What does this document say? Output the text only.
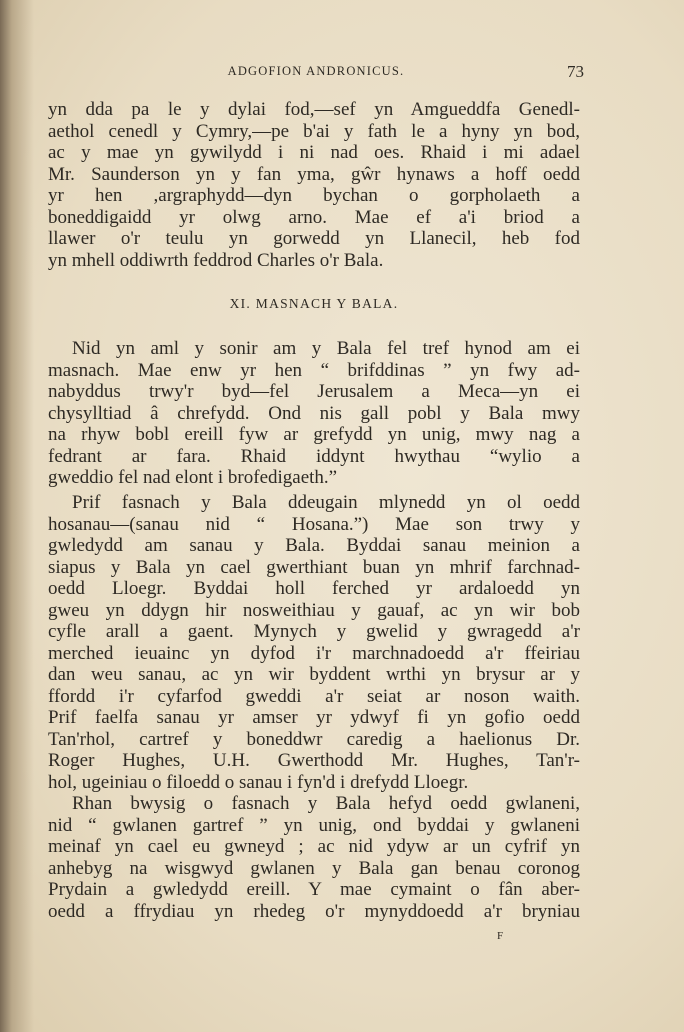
ADGOFION ANDRONICUS.	73
yn dda pa le y dylai fod,—sef yn Amgueddfa Genedl-
aethol cenedl y Cymry,—pe b'ai y fath le a hyny yn bod,
ac y mae yn gywilydd i ni nad oes. Rhaid i mi adael
Mr. Saunderson yn y fan yma, gŵr hynaws a hoff oedd
yr hen ,argraphydd—dyn bychan o gorpholaeth a
boneddigaidd yr olwg arno. Mae ef a'i briod a
llawer o'r teulu yn gorwedd yn Llanecil, heb fod
yn mhell oddiwrth feddrod Charles o'r Bala.
XI. MASNACH Y BALA.
Nid yn aml y sonir am y Bala fel tref hynod am ei
masnach. Mae enw yr hen “ brifddinas ” yn fwy ad-
nabyddus trwy'r byd—fel Jerusalem a Meca—yn ei
chysylltiad â chrefydd. Ond nis gall pobl y Bala mwy
na rhyw bobl ereill fyw ar grefydd yn unig, mwy nag a
fedrant ar fara. Rhaid iddynt hwythau “wylio a
gweddio fel nad elont i brofedigaeth.”
Prif fasnach y Bala ddeugain mlynedd yn ol oedd
hosanau—(sanau nid “ Hosana.”) Mae son trwy y
gwledydd am sanau y Bala. Byddai sanau meinion a
siapus y Bala yn cael gwerthiant buan yn mhrif farchnad-
oedd Lloegr. Byddai holl ferched yr ardaloedd yn
gweu yn ddygn hir nosweithiau y gauaf, ac yn wir bob
cyfle arall a gaent. Mynych y gwelid y gwragedd a'r
merched ieuainc yn dyfod i'r marchnadoedd a'r ffeiriau
dan weu sanau, ac yn wir byddent wrthi yn brysur ar y
ffordd i'r cyfarfod gweddi a'r seiat ar noson waith.
Prif faelfa sanau yr amser yr ydwyf fi yn gofio oedd
Tan'rhol, cartref y boneddwr caredig a haelionus Dr.
Roger Hughes, U.H. Gwerthodd Mr. Hughes, Tan'r-
hol, ugeiniau o filoedd o sanau i fyn'd i drefydd Lloegr.
Rhan bwysig o fasnach y Bala hefyd oedd gwlaneni,
nid “ gwlanen gartref ” yn unig, ond byddai y gwlaneni
meinaf yn cael eu gwneyd ; ac nid ydyw ar un cyfrif yn
anhebyg na wisgwyd gwlanen y Bala gan benau coronog
Prydain a gwledydd ereill. Y mae cymaint o fân aber-
oedd a ffrydiau yn rhedeg o'r mynyddoedd a'r bryniau
F
